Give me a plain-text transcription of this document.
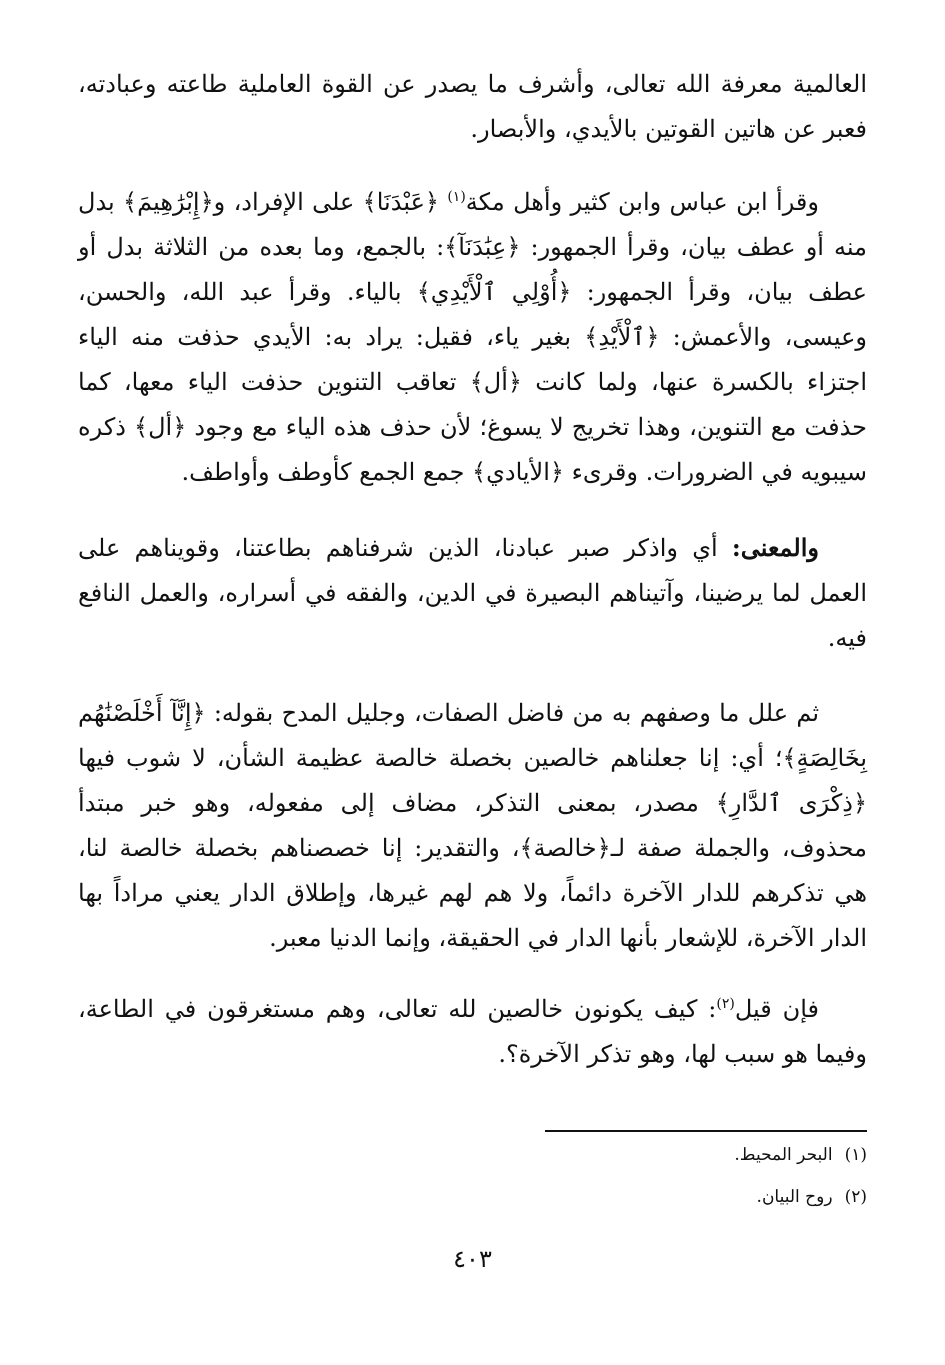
العالمية معرفة الله تعالى، وأشرف ما يصدر عن القوة العاملية طاعته وعبادته، فعبر عن هاتين القوتين بالأيدي، والأبصار.

وقرأ ابن عباس وابن كثير وأهل مكة$^{(١)}$ ﴿عَبْدَنَا﴾ على الإفراد، و﴿إِبْرَٰهِيمَ﴾ بدل منه أو عطف بيان، وقرأ الجمهور: ﴿عِبَٰدَنَآ﴾: بالجمع، وما بعده من الثلاثة بدل أو عطف بيان، وقرأ الجمهور: ﴿أُوْلِي ٱلْأَيْدِي﴾ بالياء. وقرأ عبد الله، والحسن، وعيسى، والأعمش: ﴿ٱلْأَيْدِ﴾ بغير ياء، فقيل: يراد به: الأيدي حذفت منه الياء اجتزاء بالكسرة عنها، ولما كانت ﴿أل﴾ تعاقب التنوين حذفت الياء معها، كما حذفت مع التنوين، وهذا تخريج لا يسوغ؛ لأن حذف هذه الياء مع وجود ﴿أل﴾ ذكره سيبويه في الضرورات. وقرىء ﴿الأيادي﴾ جمع الجمع كأوطف وأواطف.

والمعنى: أي واذكر صبر عبادنا، الذين شرفناهم بطاعتنا، وقويناهم على العمل لما يرضينا، وآتيناهم البصيرة في الدين، والفقه في أسراره، والعمل النافع فيه.

ثم علل ما وصفهم به من فاضل الصفات، وجليل المدح بقوله: ﴿إِنَّآ أَخْلَصْنَٰهُم بِخَالِصَةٍ﴾؛ أي: إنا جعلناهم خالصين بخصلة خالصة عظيمة الشأن، لا شوب فيها ﴿ذِكْرَى ٱلدَّارِ﴾ مصدر، بمعنى التذكر، مضاف إلى مفعوله، وهو خبر مبتدأ محذوف، والجملة صفة لـ﴿خالصة﴾، والتقدير: إنا خصصناهم بخصلة خالصة لنا، هي تذكرهم للدار الآخرة دائماً، ولا هم لهم غيرها، وإطلاق الدار يعني مراداً بها الدار الآخرة، للإشعار بأنها الدار في الحقيقة، وإنما الدنيا معبر.

فإن قيل$^{(٢)}$: كيف يكونون خالصين لله تعالى، وهم مستغرقون في الطاعة، وفيما هو سبب لها، وهو تذكر الآخرة؟.

(١)البحر المحيط.

(٢)روح البيان.

٤٠٣
